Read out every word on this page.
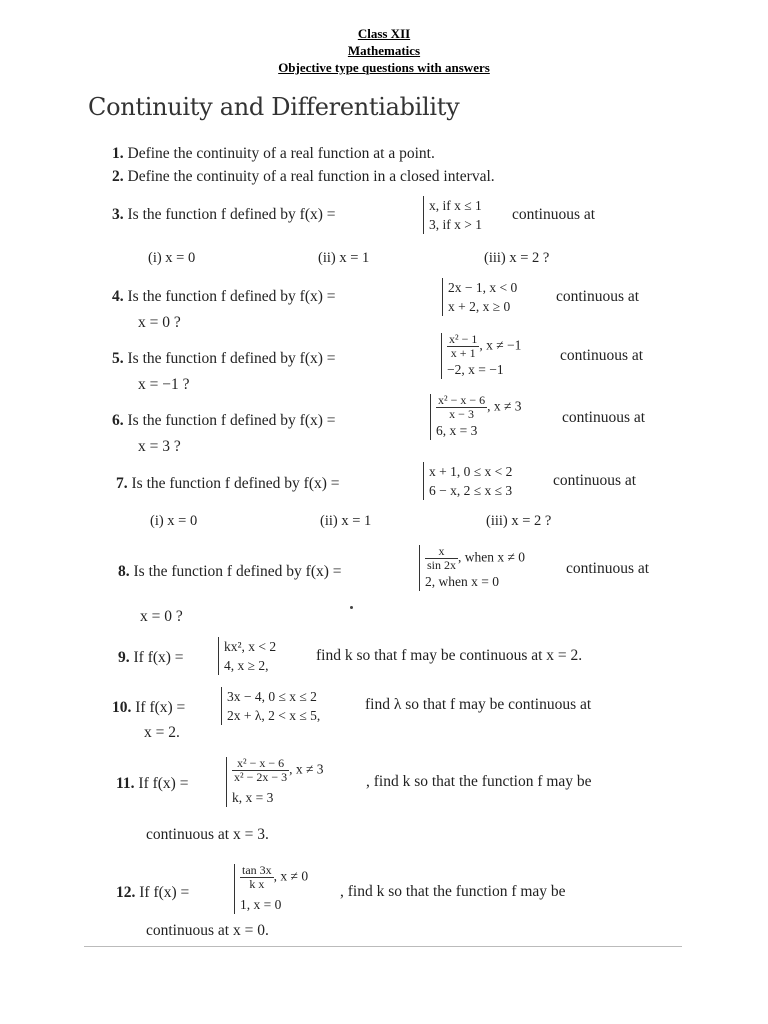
Class XII
Mathematics
Objective type questions with answers
Continuity and Differentiability
1. Define the continuity of a real function at a point.
2. Define the continuity of a real function in a closed interval.
3. Is the function f defined by f(x) =
x, if x ≤ 1
3, if x > 1
continuous at
(i) x = 0	(ii) x = 1	(iii) x = 2 ?
4. Is the function f defined by f(x) =
2x − 1, x < 0
x + 2, x ≥ 0
continuous at
x = 0 ?
5. Is the function f defined by f(x) =	$\frac{\text{x² − 1}}{x + 1}$ , x ≠ −1
−2, x = −1
continuous at
x = −1 ?
6. Is the function f defined by f(x) =	$\frac{\text{x² − x − 6}}{x - 3}$ , x ≠ 3
6, x = 3
continuous at
x = 3 ?
7. Is the function f defined by f(x) =
x + 1, 0 ≤ x < 2
6 − x, 2 ≤ x ≤ 3
continuous at
(i) x = 0	(ii) x = 1	(iii) x = 2 ?
8. Is the function f defined by f(x) =	$\frac{x}{\sin 2x}$ , when x ≠ 0
2, when x = 0
continuous at
x = 0 ?
9. If f(x) =
kx², x < 2
4, x ≥ 2,
find k so that f may be continuous at x = 2.
10. If f(x) =
3x − 4, 0 ≤ x ≤ 2
2x + λ, 2 < x ≤ 5,
find λ so that f may be continuous at
x = 2.
11. If f(x) =	$\frac{\text{x² − x − 6}}{\text{x² − 2x − 3}}$ , x ≠ 3
k, x = 3
, find k so that the function f may be
continuous at x = 3.
12. If f(x) =
$\frac{\tan 3x}{\text{k x}}$ , x ≠ 0
1, x = 0
, find k so that the function f may be
continuous at x = 0.
